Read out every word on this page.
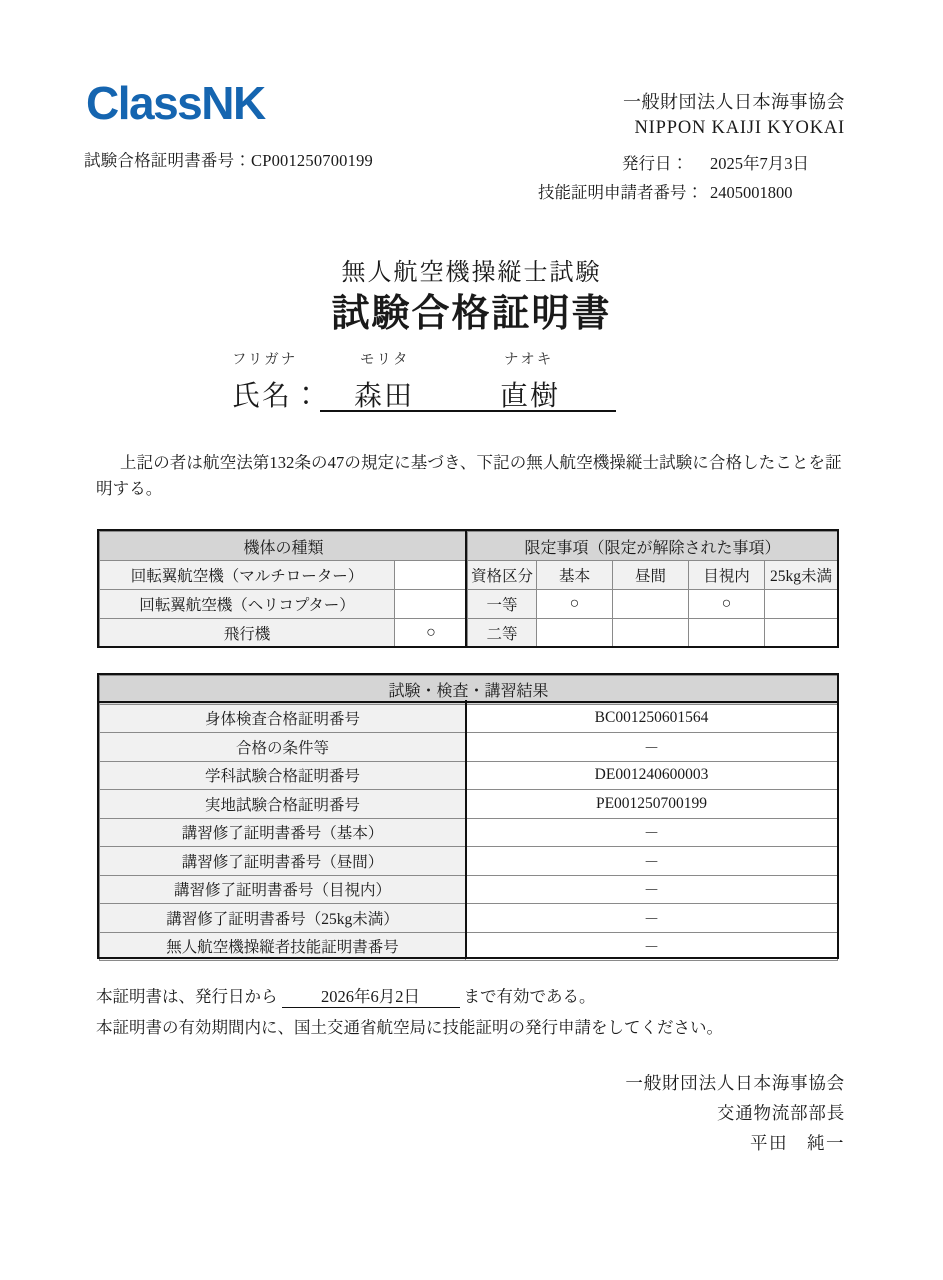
ClassNK
試験合格証明書番号：CP001250700199
一般財団法人日本海事協会
NIPPON KAIJI KYOKAI
発行日：	2025年7月3日
技能証明申請者番号： 2405001800
無人航空機操縦士試験
試験合格証明書
フリガナ	モリタ	ナオキ
氏名： 森田	直樹
上記の者は航空法第132条の47の規定に基づき、下記の無人航空機操縦士試験に合格したことを証明する。
機体の種類		限定事項（限定が解除された事項）				
回転翼航空機（マルチローター）		資格区分	基本	昼間	目視内	25kg未満
回転翼航空機（ヘリコプター）		一等	○		○	
飛行機	○	二等				
試験・検査・講習結果	
身体検査合格証明番号	BC001250601564
合格の条件等	－
学科試験合格証明番号	DE001240600003
実地試験合格証明番号	PE001250700199
講習修了証明書番号（基本）	－
講習修了証明書番号（昼間）	－
講習修了証明書番号（目視内）	－
講習修了証明書番号（25kg未満）	－
無人航空機操縦者技能証明書番号	－
本証明書は、発行日から	2026年6月2日	まで有効である。
本証明書の有効期間内に、国土交通省航空局に技能証明の発行申請をしてください。
一般財団法人日本海事協会
交通物流部部長
平田　純一
